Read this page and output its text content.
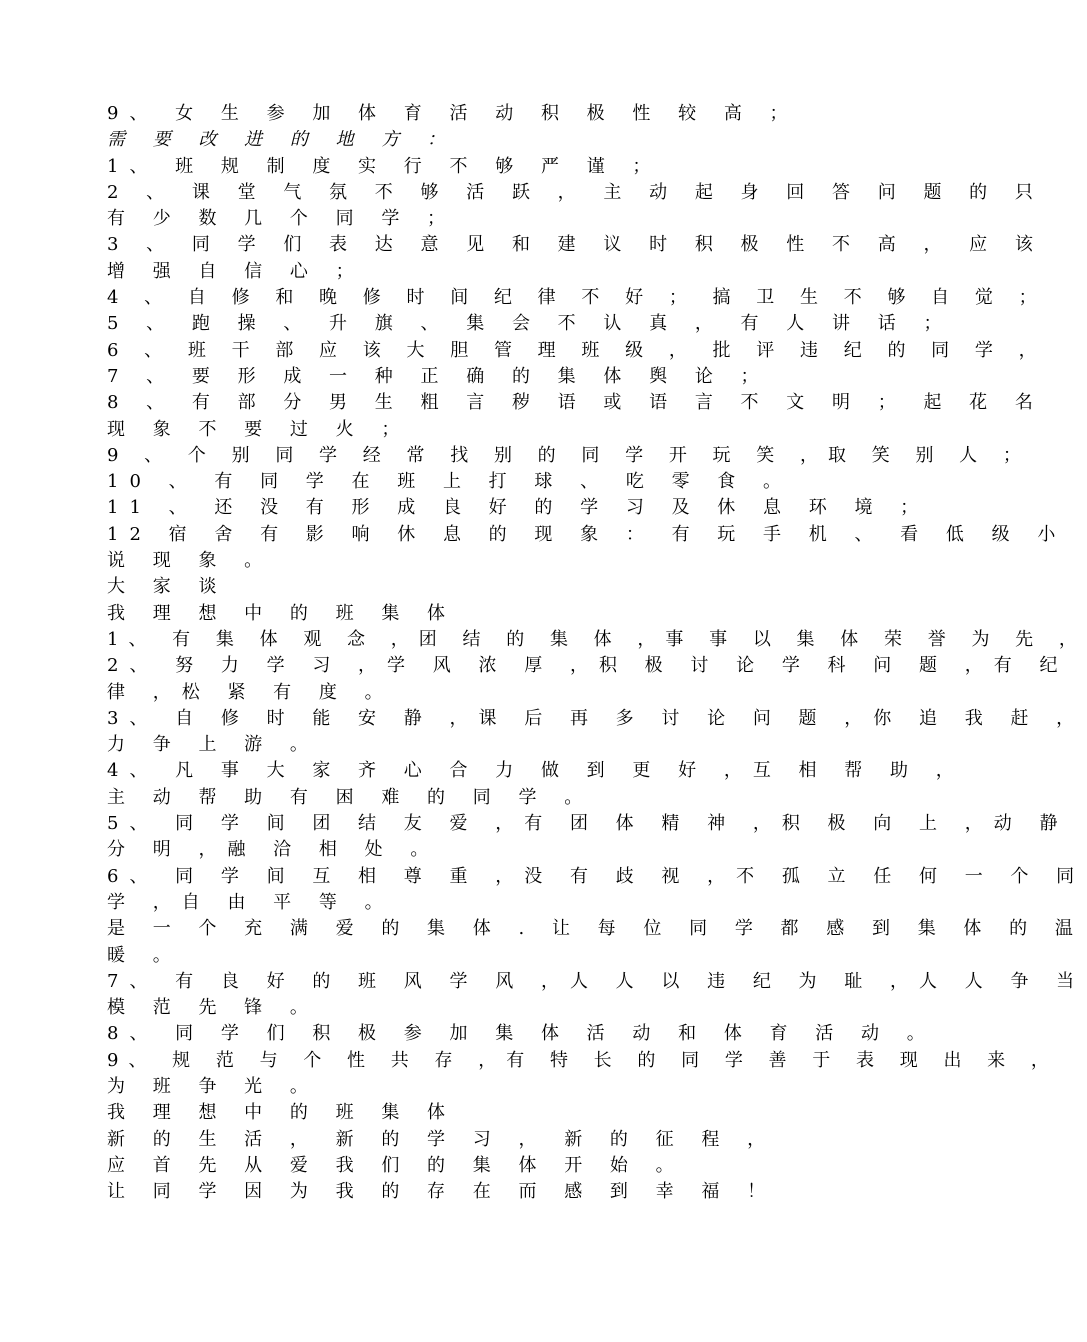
9、 女 生 参 加 体 育 活 动 积 极 性 较 高 ；
需 要 改 进 的 地 方 ：
1、 班 规 制 度 实 行 不 够 严 谨 ；
2 、 课 堂 气 氛 不 够 活 跃 ， 主 动 起 身 回 答 问 题 的 只
有 少 数 几 个 同 学 ；
3 、 同 学 们 表 达 意 见 和 建 议 时 积 极 性 不 高 ， 应 该
增 强 自 信 心 ；
4 、 自 修 和 晚 修 时 间 纪 律 不 好 ； 搞 卫 生 不 够 自 觉 ；
5 、 跑 操 、 升 旗 、 集 会 不 认 真 ， 有 人 讲 话 ；
6 、 班 干 部 应 该 大 胆 管 理 班 级 ， 批 评 违 纪 的 同 学 ，
7 、 要 形 成 一 种 正 确 的 集 体 舆 论 ；
8 、 有 部 分 男 生 粗 言 秽 语 或 语 言 不 文 明 ； 起 花 名
现 象 不 要 过 火 ；
9 、 个 别 同 学 经 常 找 别 的 同 学 开 玩 笑 ，取 笑 别 人 ；
10 、 有 同 学 在 班 上 打 球 、 吃 零 食 。
11 、 还 没 有 形 成 良 好 的 学 习 及 休 息 环 境 ；
12 宿 舍 有 影 响 休 息 的 现 象 ： 有 玩 手 机 、 看 低 级 小
说 现 象 。
大 家 谈
我 理 想 中 的 班 集 体
1、 有 集 体 观 念 ，团 结 的 集 体 ，事 事 以 集 体 荣 誉 为 先 ，
2、 努 力 学 习 ，学 风 浓 厚 ，积 极 讨 论 学 科 问 题 ，有 纪
律 ，松 紧 有 度 。
3、 自 修 时 能 安 静 ，课 后 再 多 讨 论 问 题 ，你 追 我 赶 ，
力 争 上 游 。
4、 凡 事 大 家 齐 心 合 力 做 到 更 好 ，互 相 帮 助 ，
主 动 帮 助 有 困 难 的 同 学 。
5、 同 学 间 团 结 友 爱 ，有 团 体 精 神 ，积 极 向 上 ，动 静
分 明 ，融 洽 相 处 。
6、 同 学 间 互 相 尊 重 ，没 有 歧 视 ，不 孤 立 任 何 一 个 同
学 ，自 由 平 等 。
是 一 个 充 满 爱 的 集 体 . 让 每 位 同 学 都 感 到 集 体 的 温
暖 。
7、 有 良 好 的 班 风 学 风 ，人 人 以 违 纪 为 耻 ，人 人 争 当
模 范 先 锋 。
8、 同 学 们 积 极 参 加 集 体 活 动 和 体 育 活 动 。
9、 规 范 与 个 性 共 存 ，有 特 长 的 同 学 善 于 表 现 出 来 ，
为 班 争 光 。
我 理 想 中 的 班 集 体
新 的 生 活 ， 新 的 学 习 ， 新 的 征 程 ，
应 首 先 从 爱 我 们 的 集 体 开 始 。
让 同 学 因 为 我 的 存 在 而 感 到 幸 福 ！
